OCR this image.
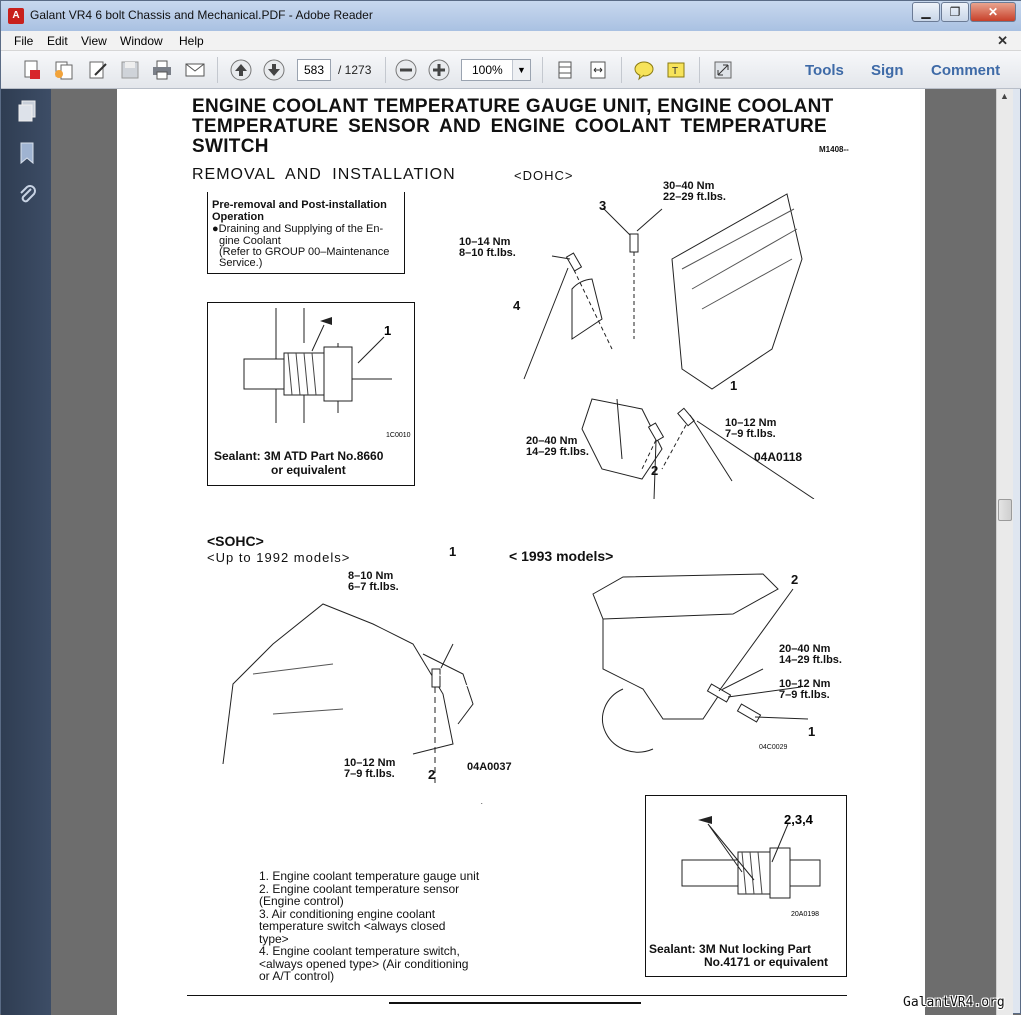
A Galant VR4 6 bolt Chassis and Mechanical.PDF - Adobe Reader	▁	❐	✕
File Edit View Window Help	✕
583	/ 1273	100%	▼	T	Tools Sign Comment
ENGINE COOLANT TEMPERATURE GAUGE UNIT, ENGINE COOLANT
TEMPERATURE SENSOR AND ENGINE COOLANT TEMPERATURE
SWITCH	M1408--
REMOVAL AND INSTALLATION	<DOHC>
Pre-removal and Post-installation
Operation
●Draining and Supplying of the En-
gine Coolant
(Refer to GROUP 00–Maintenance
Service.)
1
1C0010
Sealant: 3M ATD Part No.8660
or equivalent
30–40 Nm
22–29 ft.lbs.
3
10–14 Nm
8–10 ft.lbs.
4
1
10–12 Nm
7–9 ft.lbs.
20–40 Nm
14–29 ft.lbs.	04A0118
2
<SOHC>
<Up to 1992 models>	< 1993 models>
8–10 Nm
6–7 ft.lbs.
1
10–12 Nm
7–9 ft.lbs.	2	04A0037
2
20–40 Nm
14–29 ft.lbs.
10–12 Nm
7–9 ft.lbs.
1
04C0029
2,3,4
20A0198
Sealant: 3M Nut locking Part
No.4171 or equivalent
1. Engine coolant temperature gauge unit
2. Engine coolant temperature sensor
(Engine control)
3. Air conditioning engine coolant
temperature switch <always closed
type>
4. Engine coolant temperature switch,
<always opened type> (Air conditioning
or A/T control)
▲
GalantVR4.org
